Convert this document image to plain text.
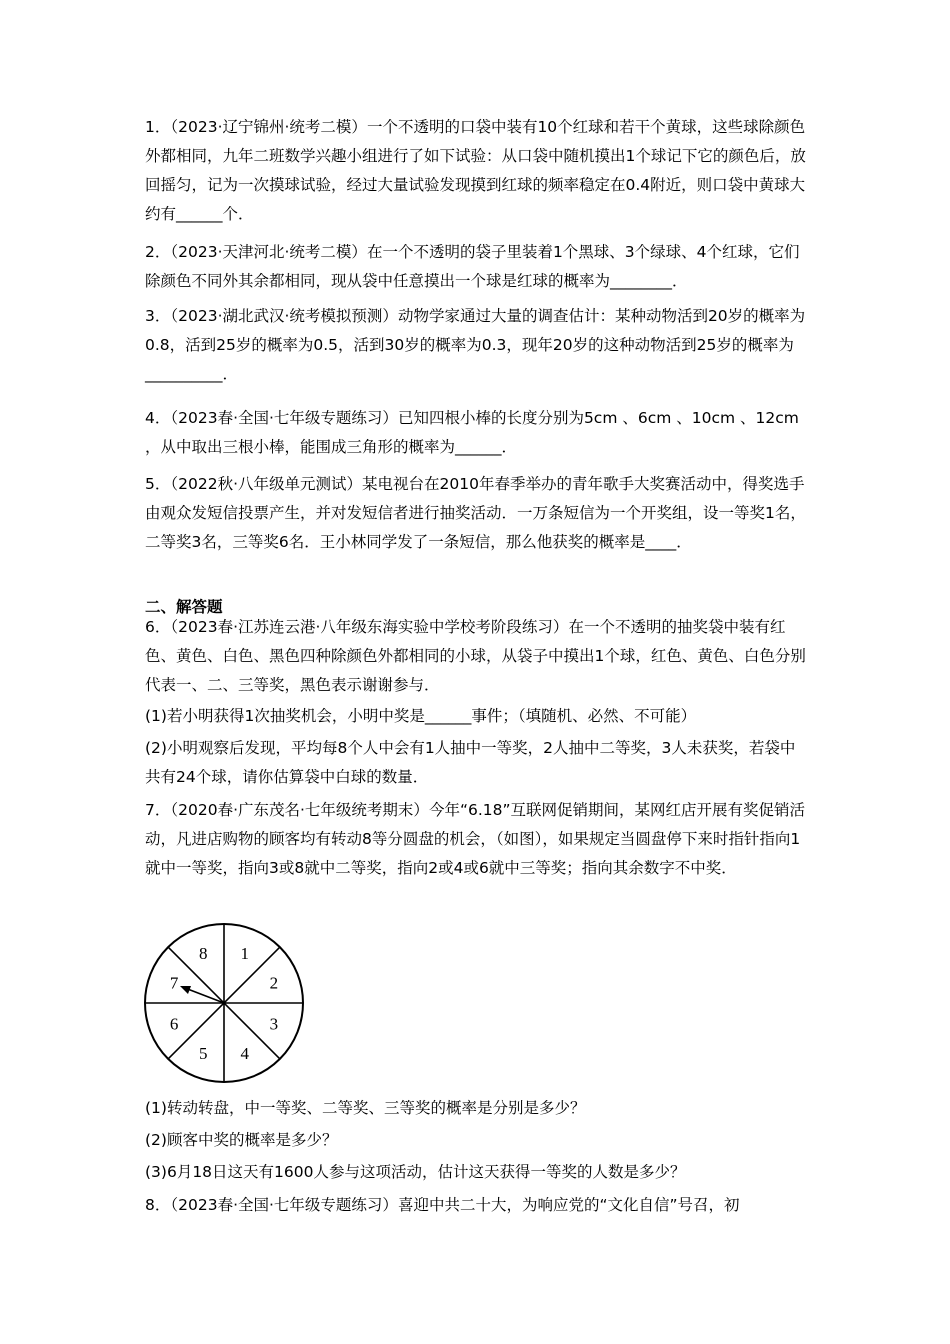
1．（2023·辽宁锦州·统考二模）一个不透明的口袋中装有10个红球和若干个黄球，这些球除颜色外都相同，九年二班数学兴趣小组进行了如下试验：从口袋中随机摸出1个球记下它的颜色后，放回摇匀，记为一次摸球试验，经过大量试验发现摸到红球的频率稳定在0.4附近，则口袋中黄球大约有______个．
2．（2023·天津河北·统考二模）在一个不透明的袋子里装着1个黑球、3个绿球、4个红球，它们除颜色不同外其余都相同，现从袋中任意摸出一个球是红球的概率为________．
3．（2023·湖北武汉·统考模拟预测）动物学家通过大量的调查估计：某种动物活到20岁的概率为0.8，活到25岁的概率为0.5，活到30岁的概率为0.3，现年20岁的这种动物活到25岁的概率为__________．
4．（2023春·全国·七年级专题练习）已知四根小棒的长度分别为5cm 、6cm 、10cm 、12cm ，从中取出三根小棒，能围成三角形的概率为______．
5．（2022秋·八年级单元测试）某电视台在2010年春季举办的青年歌手大奖赛活动中，得奖选手由观众发短信投票产生，并对发短信者进行抽奖活动．一万条短信为一个开奖组，设一等奖1名，二等奖3名，三等奖6名．王小林同学发了一条短信，那么他获奖的概率是____．
二、解答题
6．（2023春·江苏连云港·八年级东海实验中学校考阶段练习）在一个不透明的抽奖袋中装有红色、黄色、白色、黑色四种除颜色外都相同的小球，从袋子中摸出1个球，红色、黄色、白色分别代表一、二、三等奖，黑色表示谢谢参与．
(1)若小明获得1次抽奖机会，小明中奖是______事件；（填随机、必然、不可能）
(2)小明观察后发现，平均每8个人中会有1人抽中一等奖，2人抽中二等奖，3人未获奖，若袋中共有24个球，请你估算袋中白球的数量．
7．（2020春·广东茂名·七年级统考期末）今年“6.18”互联网促销期间，某网红店开展有奖促销活动，凡进店购物的顾客均有转动8等分圆盘的机会，（如图），如果规定当圆盘停下来时指针指向1就中一等奖，指向3或8就中二等奖，指向2或4或6就中三等奖；指向其余数字不中奖．
1
2
3
4
5
6
7
8
(1)转动转盘，中一等奖、二等奖、三等奖的概率是分别是多少？
(2)顾客中奖的概率是多少？
(3)6月18日这天有1600人参与这项活动，估计这天获得一等奖的人数是多少？
8．（2023春·全国·七年级专题练习）喜迎中共二十大，为响应党的“文化自信”号召，初
